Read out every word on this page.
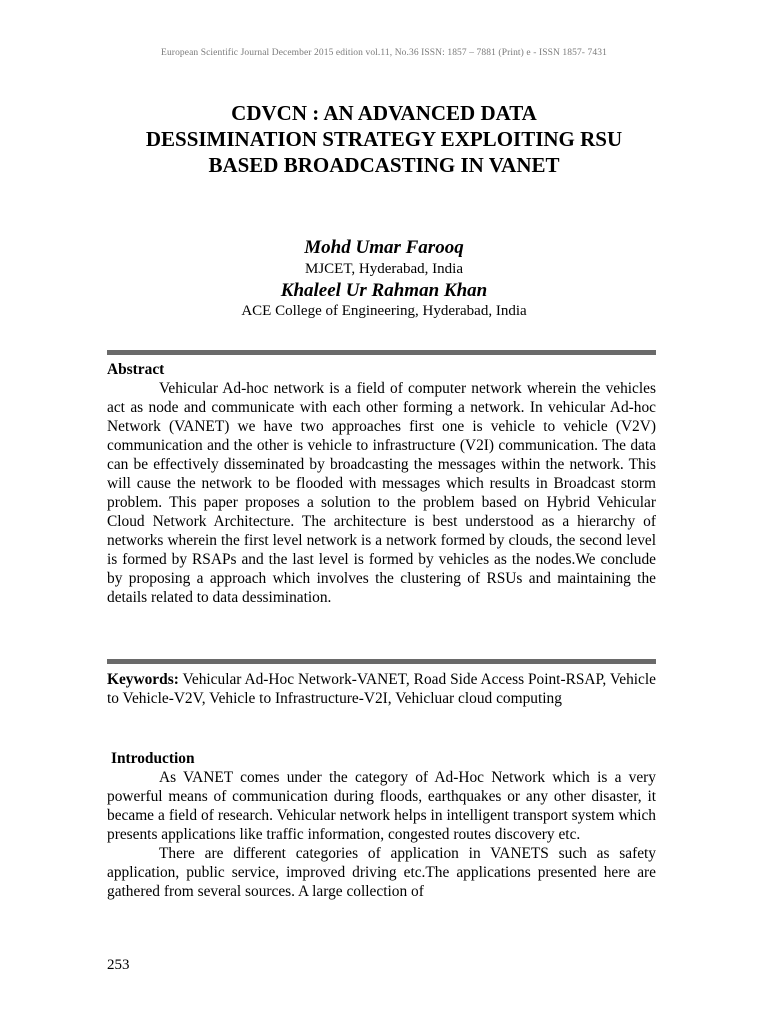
European Scientific Journal December 2015 edition vol.11, No.36 ISSN: 1857 – 7881 (Print) e - ISSN 1857- 7431
CDVCN : AN ADVANCED DATA
DESSIMINATION STRATEGY EXPLOITING RSU
BASED BROADCASTING IN VANET
Mohd Umar Farooq
MJCET, Hyderabad, India
Khaleel Ur Rahman Khan
ACE College of Engineering, Hyderabad, India
Abstract

Vehicular Ad-hoc network is a field of computer network wherein the vehicles act as node and communicate with each other forming a network. In vehicular Ad-hoc Network (VANET) we have two approaches first one is vehicle to vehicle (V2V) communication and the other is vehicle to infrastructure (V2I) communication. The data can be effectively disseminated by broadcasting the messages within the network. This will cause the network to be flooded with messages which results in Broadcast storm problem. This paper proposes a solution to the problem based on Hybrid Vehicular Cloud Network Architecture. The architecture is best understood as a hierarchy of networks wherein the first level network is a network formed by clouds, the second level is formed by RSAPs and the last level is formed by vehicles as the nodes.We conclude by proposing a approach which involves the clustering of RSUs and maintaining the details related to data dessimination.

Keywords: Vehicular Ad-Hoc Network-VANET, Road Side Access Point-RSAP, Vehicle to Vehicle-V2V, Vehicle to Infrastructure-V2I, Vehicluar cloud computing
Introduction

As VANET comes under the category of Ad-Hoc Network which is a very powerful means of communication during floods, earthquakes or any other disaster, it became a field of research. Vehicular network helps in intelligent transport system which presents applications like traffic information, congested routes discovery etc.

There are different categories of application in VANETS such as safety application, public service, improved driving etc.The applications presented here are gathered from several sources. A large collection of

253
